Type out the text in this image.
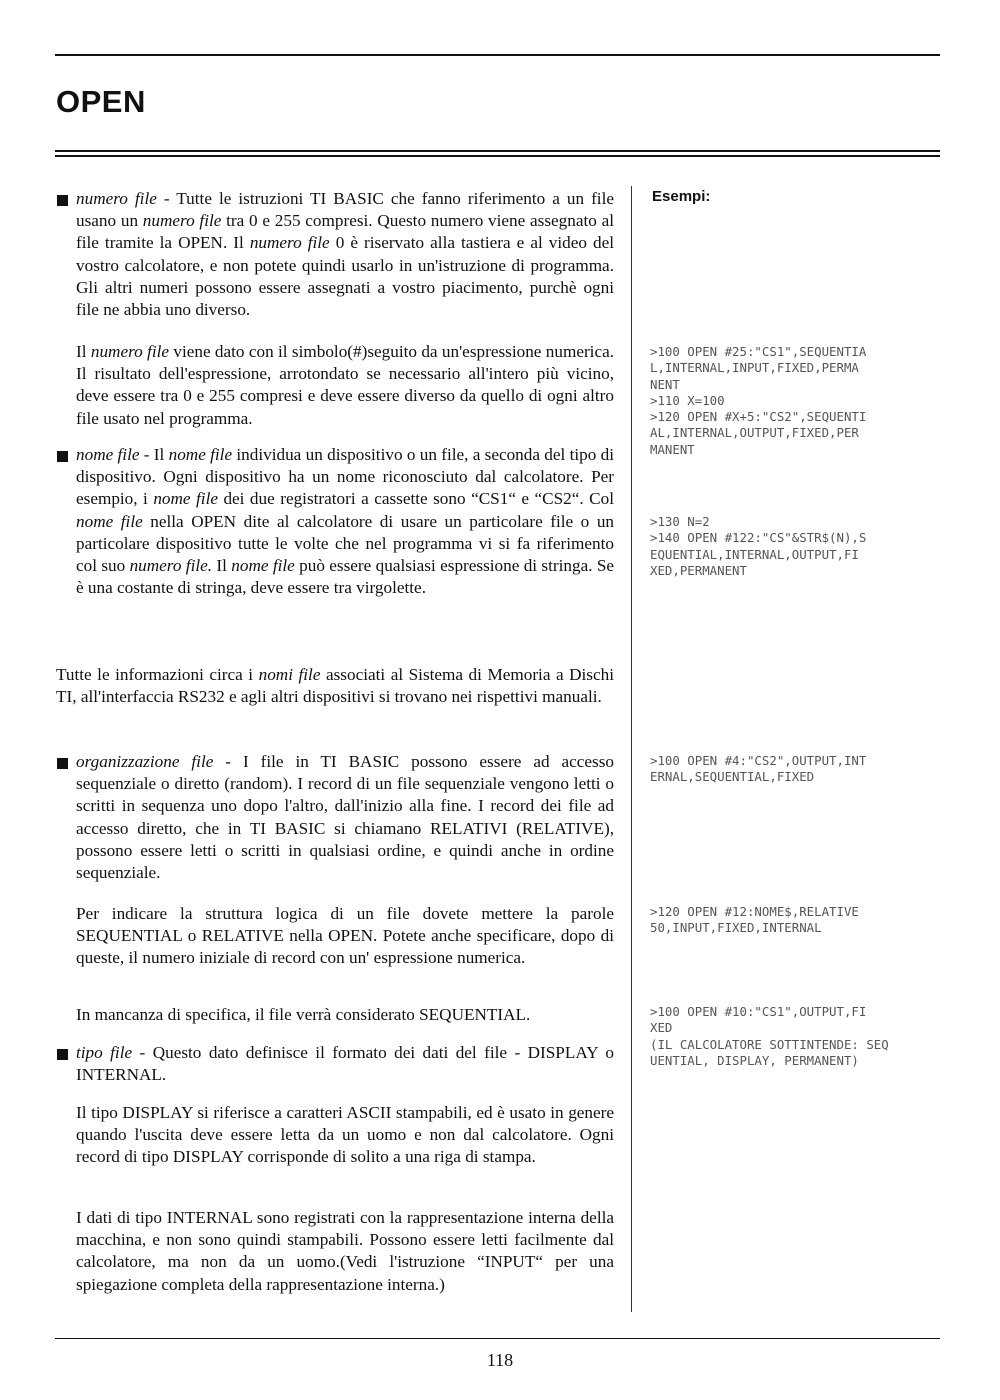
OPEN

numero file - Tutte le istruzioni TI BASIC che fanno riferimento a un file usano un numero file tra 0 e 255 compresi. Questo numero viene assegnato al file tramite la OPEN. Il numero file 0 è riservato alla tastiera e al video del vostro calcolatore, e non potete quindi usarlo in un'istruzione di programma. Gli altri numeri possono essere assegnati a vostro piacimento, purchè ogni file ne abbia uno diverso.

Il numero file viene dato con il simbolo(#)seguito da un'espressione numerica. Il risultato dell'espressione, arrotondato se necessario all'intero più vicino, deve essere tra 0 e 255 compresi e deve essere diverso da quello di ogni altro file usato nel programma.

nome file - Il nome file individua un dispositivo o un file, a seconda del tipo di dispositivo. Ogni dispositivo ha un nome riconosciuto dal calcolatore. Per esempio, i nome file dei due registratori a cassette sono “CS1“ e “CS2“. Col nome file nella OPEN dite al calcolatore di usare un particolare file o un particolare dispositivo tutte le volte che nel programma vi si fa riferimento col suo numero file. Il nome file può essere qualsiasi espressione di stringa. Se è una costante di stringa, deve essere tra virgolette.

Tutte le informazioni circa i nomi file associati al Sistema di Memoria a Dischi TI, all'interfaccia RS232 e agli altri dispositivi si trovano nei rispettivi manuali.

organizzazione file - I file in TI BASIC possono essere ad accesso sequenziale o diretto (random). I record di un file sequenziale vengono letti o scritti in sequenza uno dopo l'altro, dall'inizio alla fine. I record dei file ad accesso diretto, che in TI BASIC si chiamano RELATIVI (RELATIVE), possono essere letti o scritti in qualsiasi ordine, e quindi anche in ordine sequenziale.

Per indicare la struttura logica di un file dovete mettere la parole SEQUENTIAL o RELATIVE nella OPEN. Potete anche specificare, dopo di queste, il numero iniziale di record con un' espressione numerica.

In mancanza di specifica, il file verrà considerato SEQUENTIAL.

tipo file - Questo dato definisce il formato dei dati del file - DISPLAY o INTERNAL.

Il tipo DISPLAY si riferisce a caratteri ASCII stampabili, ed è usato in genere quando l'uscita deve essere letta da un uomo e non dal calcolatore. Ogni record di tipo DISPLAY corrisponde di solito a una riga di stampa.

I dati di tipo INTERNAL sono registrati con la rappresentazione interna della macchina, e non sono quindi stampabili. Possono essere letti facilmente dal calcolatore, ma non da un uomo.(Vedi l'istruzione “INPUT“ per una spiegazione completa della rappresentazione interna.)

Esempi:
>100 OPEN #25:"CS1",SEQUENTIA
L,INTERNAL,INPUT,FIXED,PERMA
NENT
>110 X=100
>120 OPEN #X+5:"CS2",SEQUENTI
AL,INTERNAL,OUTPUT,FIXED,PER
MANENT
>130 N=2
>140 OPEN #122:"CS"&STR$(N),S
EQUENTIAL,INTERNAL,OUTPUT,FI
XED,PERMANENT
>100 OPEN #4:"CS2",OUTPUT,INT
ERNAL,SEQUENTIAL,FIXED
>120 OPEN #12:NOME$,RELATIVE
50,INPUT,FIXED,INTERNAL
>100 OPEN #10:"CS1",OUTPUT,FI
XED
(IL CALCOLATORE SOTTINTENDE: SEQ
UENTIAL, DISPLAY, PERMANENT)
118
